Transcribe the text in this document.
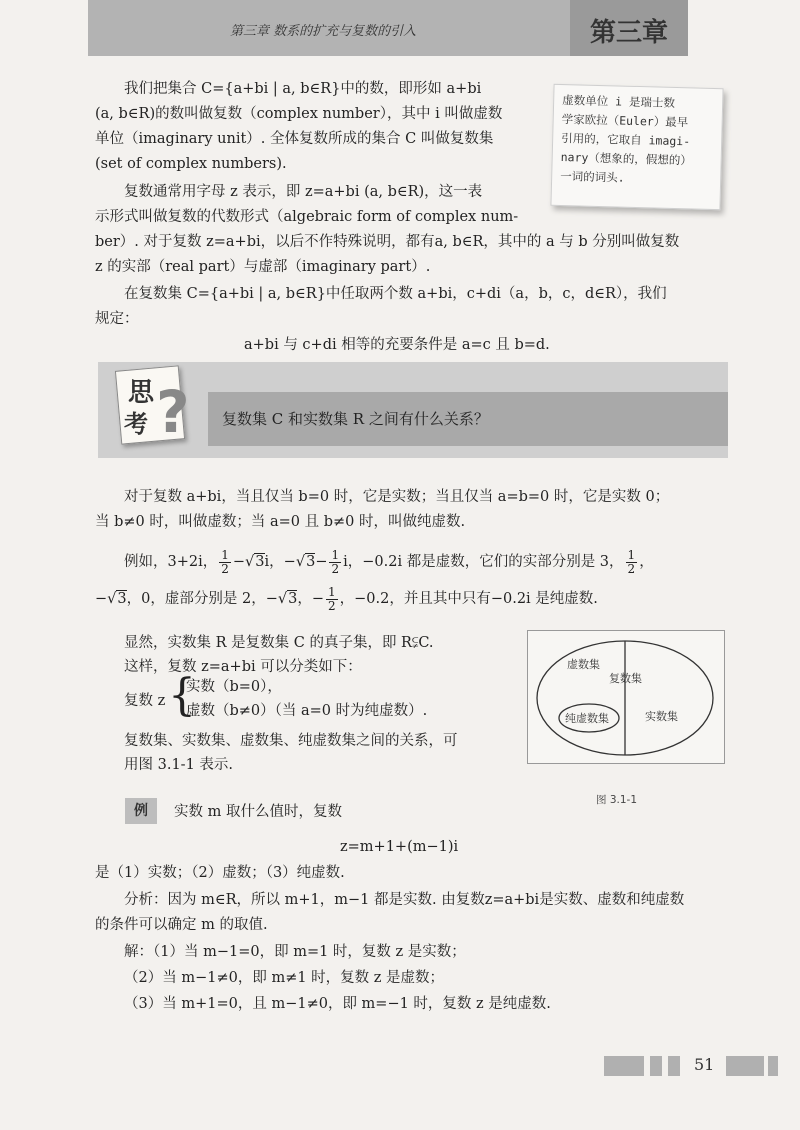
第三章 数系的扩充与复数的引入	第三章
虚数单位 i 是瑞士数
学家欧拉（Euler）最早
引用的，它取自 imagi-
nary（想象的，假想的）
一词的词头.

我们把集合 C={a+bi | a, b∈R}中的数，即形如 a+bi

(a, b∈R)的数叫做复数（complex number），其中 i 叫做虚数

单位（imaginary unit）. 全体复数所成的集合 C 叫做复数集

(set of complex numbers).

复数通常用字母 z 表示，即 z=a+bi (a, b∈R)，这一表

示形式叫做复数的代数形式（algebraic form of complex num-

ber）. 对于复数 z=a+bi，以后不作特殊说明，都有a, b∈R，其中的 a 与 b 分别叫做复数

z 的实部（real part）与虚部（imaginary part）.

在复数集 C={a+bi | a, b∈R}中任取两个数 a+bi，c+di（a，b，c，d∈R），我们

规定：

a+bi 与 c+di 相等的充要条件是 a=c 且 b=d.

思
考 ? 复数集 C 和实数集 R 之间有什么关系？

对于复数 a+bi，当且仅当 b=0 时，它是实数；当且仅当 a=b=0 时，它是实数 0；

当 b≠0 时，叫做虚数；当 a=0 且 b≠0 时，叫做纯虚数.

例如，3+2i， $\frac{1}{2} -√3i$，$-√3- \frac{1}{2}$ i，−0.2i 都是虚数，它们的实部分别是 3， $\frac{1}{2}$ ，

−√3，0，虚部分别是 2，−√3，− $\frac{1}{2}$ ，−0.2，并且其中只有−0.2i 是纯虚数.

显然，实数集 R 是复数集 C 的真子集，即 R⫋C.

这样，复数 z=a+bi 可以分类如下：

复数 z {

实数（b=0），

虚数（b≠0）（当 a=0 时为纯虚数）.

复数集、实数集、虚数集、纯虚数集之间的关系，可

用图 3.1-1 表示.

虚数集
复数集
纯虚数集	实数集
图 3.1-1
例	实数 m 取什么值时，复数

z=m+1+(m−1)i

是（1）实数；（2）虚数；（3）纯虚数.

分析：因为 m∈R，所以 m+1，m−1 都是实数. 由复数z=a+bi是实数、虚数和纯虚数

的条件可以确定 m 的取值.

解：（1）当 m−1=0，即 m=1 时，复数 z 是实数；

（2）当 m−1≠0，即 m≠1 时，复数 z 是虚数；

（3）当 m+1=0，且 m−1≠0，即 m=−1 时，复数 z 是纯虚数.

51
